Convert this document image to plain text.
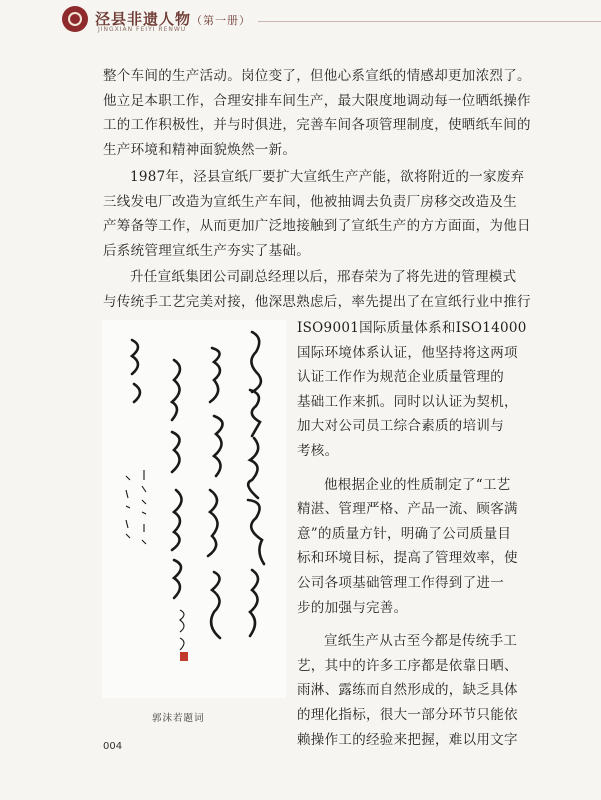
泾县非遗人物（第一册）
JINGXIAN FEIYI RENWU
整个车间的生产活动。岗位变了，但他心系宣纸的情感却更加浓烈了。
他立足本职工作，合理安排车间生产，最大限度地调动每一位晒纸操作
工的工作积极性，并与时俱进，完善车间各项管理制度，使晒纸车间的
生产环境和精神面貌焕然一新。
1987年，泾县宣纸厂要扩大宣纸生产产能，欲将附近的一家废弃
三线发电厂改造为宣纸生产车间，他被抽调去负责厂房移交改造及生
产筹备等工作，从而更加广泛地接触到了宣纸生产的方方面面，为他日
后系统管理宣纸生产夯实了基础。
升任宣纸集团公司副总经理以后，邢春荣为了将先进的管理模式
与传统手工艺完美对接，他深思熟虑后，率先提出了在宣纸行业中推行

ISO9001国际质量体系和ISO14000
国际环境体系认证，他坚持将这两项
认证工作作为规范企业质量管理的
基础工作来抓。同时以认证为契机，
加大对公司员工综合素质的培训与
考核。

他根据企业的性质制定了“工艺
精湛、管理严格、产品一流、顾客满
意”的质量方针，明确了公司质量目
标和环境目标，提高了管理效率，使
公司各项基础管理工作得到了进一
步的加强与完善。

宣纸生产从古至今都是传统手工
艺，其中的许多工序都是依靠日晒、
雨淋、露练而自然形成的，缺乏具体
的理化指标，很大一部分环节只能依
赖操作工的经验来把握，难以用文字

郭沫若题词
004
